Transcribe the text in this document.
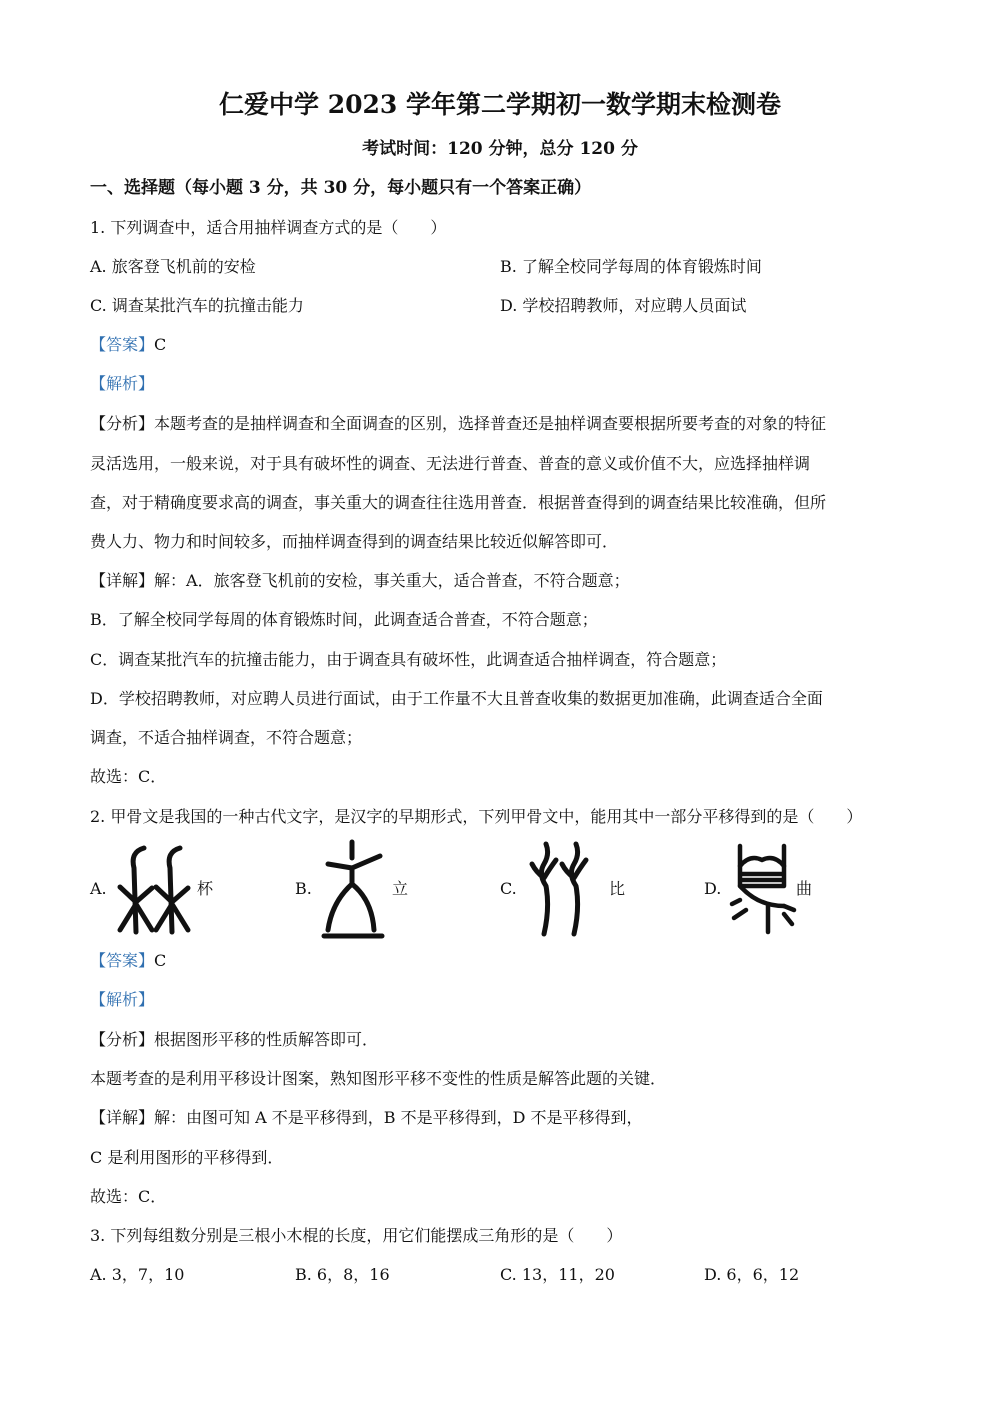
仁爱中学 2023 学年第二学期初一数学期末检测卷
考试时间：120 分钟，总分 120 分
一、选择题（每小题 3 分，共 30 分，每小题只有一个答案正确）
1. 下列调查中，适合用抽样调查方式的是（　　）
A. 旅客登飞机前的安检	B. 了解全校同学每周的体育锻炼时间
C. 调查某批汽车的抗撞击能力	D. 学校招聘教师，对应聘人员面试
【答案】C
【解析】
【分析】本题考查的是抽样调查和全面调查的区别，选择普查还是抽样调查要根据所要考查的对象的特征
灵活选用，一般来说，对于具有破坏性的调查、无法进行普查、普查的意义或价值不大，应选择抽样调
查，对于精确度要求高的调查，事关重大的调查往往选用普查．根据普查得到的调查结果比较准确，但所
费人力、物力和时间较多，而抽样调查得到的调查结果比较近似解答即可．
【详解】解：A．旅客登飞机前的安检，事关重大，适合普查，不符合题意；
B．了解全校同学每周的体育锻炼时间，此调查适合普查，不符合题意；
C．调查某批汽车的抗撞击能力，由于调查具有破坏性，此调查适合抽样调查，符合题意；
D．学校招聘教师，对应聘人员进行面试，由于工作量不大且普查收集的数据更加准确，此调查适合全面
调查，不适合抽样调查，不符合题意；
故选：C．
2. 甲骨文是我国的一种古代文字，是汉字的早期形式，下列甲骨文中，能用其中一部分平移得到的是（　　）
A.	杯	B.	立	C.	比	D.	曲
【答案】C
【解析】
【分析】根据图形平移的性质解答即可．
本题考查的是利用平移设计图案，熟知图形平移不变性的性质是解答此题的关键．
【详解】解：由图可知 A 不是平移得到，B 不是平移得到，D 不是平移得到，
C 是利用图形的平移得到．
故选：C．
3. 下列每组数分别是三根小木棍的长度，用它们能摆成三角形的是（　　）
A. 3，7，10	B. 6，8，16	C. 13，11，20	D. 6，6，12
